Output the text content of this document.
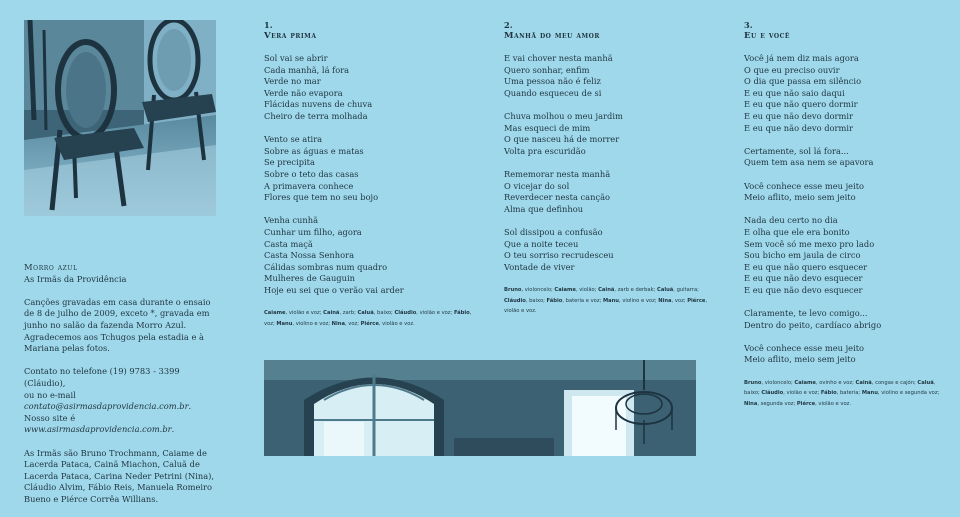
Morro azul

As Irmãs da Providência

Canções gravadas em casa durante o ensaio de 8 de julho de 2009, exceto *, gravada em junho no salão da fazenda Morro Azul. Agradecemos aos Tchugos pela estadia e à Mariana pelas fotos.

Contato no telefone (19) 9783 - 3399 (Cláudio),
ou no e-mail contato@asirmasdaprovidencia.com.br.
Nosso site é www.asirmasdaprovidencia.com.br.

As Irmãs são Bruno Trochmann, Caiame de Lacerda Pataca, Cainã Miachon, Caluã de Lacerda Pataca, Carina Neder Petrini (Nina), Cláudio Alvim, Fábio Reis, Manuela Romeiro Bueno e Piérce Corrêa Willians.

1.
Vera prima
Sol vai se abrir
Cada manhã, lá fora
Verde no mar
Verde não evapora
Flácidas nuvens de chuva
Cheiro de terra molhada
Vento se atira
Sobre as águas e matas
Se precipita
Sobre o teto das casas
A primavera conhece
Flores que tem no seu bojo
Venha cunhã
Cunhar um filho, agora
Casta maçã
Casta Nossa Senhora
Cálidas sombras num quadro
Mulheres de Gauguin
Hoje eu sei que o verão vai arder
Caiame, violão e voz; Cainã, zarb; Caluã, baixo; Cláudio, violão e voz; Fábio, voz; Manu, violino e voz; Nina, voz; Piérce, violão e voz.
2.
Manhã do meu amor
E vai chover nesta manhã
Quero sonhar, enfim
Uma pessoa não é feliz
Quando esqueceu de si
Chuva molhou o meu jardim
Mas esqueci de mim
O que nasceu há de morrer
Volta pra escuridão
Rememorar nesta manhã
O vicejar do sol
Reverdecer nesta canção
Alma que definhou
Sol dissipou a confusão
Que a noite teceu
O teu sorriso recrudesceu
Vontade de viver
Bruno, violoncelo; Caiame, violão; Cainã, zarb e derbak; Caluã, guitarra; Cláudio, baixo; Fábio, bateria e voz; Manu, violino e voz; Nina, voz; Piérce, violão e voz.
3.
Eu e você
Você já nem diz mais agora
O que eu preciso ouvir
O dia que passa em silêncio
E eu que não saio daqui
E eu que não quero dormir
E eu que não devo dormir
E eu que não devo dormir
Certamente, sol lá fora...
Quem tem asa nem se apavora
Você conhece esse meu jeito
Meio aflito, meio sem jeito
Nada deu certo no dia
E olha que ele era bonito
Sem você só me mexo pro lado
Sou bicho em jaula de circo
E eu que não quero esquecer
E eu que não devo esquecer
E eu que não devo esquecer
Claramente, te levo comigo...
Dentro do peito, cardíaco abrigo
Você conhece esse meu jeito
Meio aflito, meio sem jeito
Bruno, violoncelo; Caiame, ovinho e voz; Cainã, congas e cajón; Caluã, baixo; Cláudio, violão e voz; Fábio, bateria; Manu, violino e segunda voz; Nina, segunda voz; Piérce, violão e voz.
